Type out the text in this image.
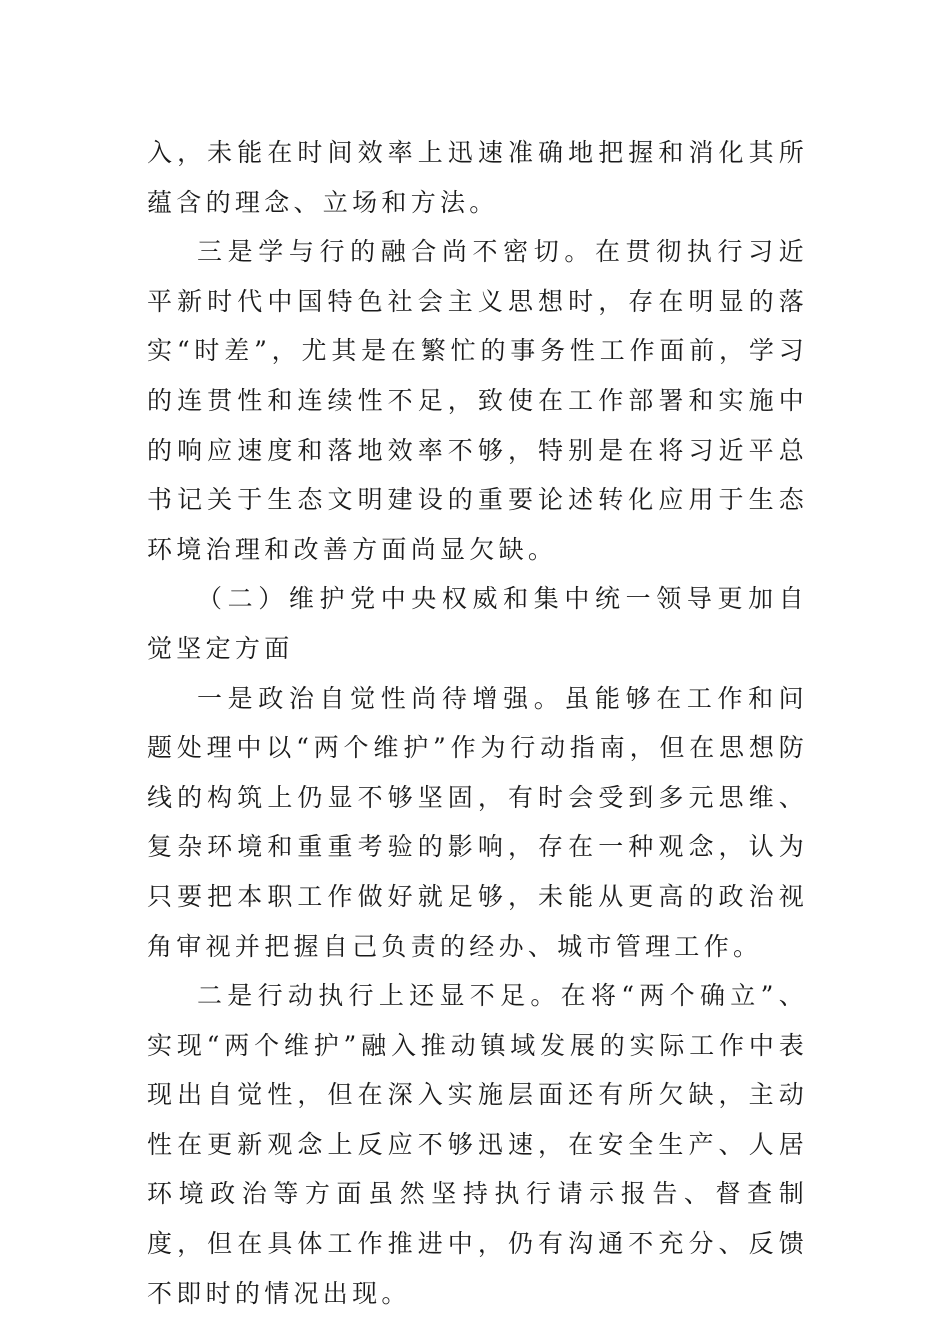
入，未能在时间效率上迅速准确地把握和消化其所蕴含的理念、立场和方法。

三是学与行的融合尚不密切。在贯彻执行习近平新时代中国特色社会主义思想时，存在明显的落实“时差”，尤其是在繁忙的事务性工作面前，学习的连贯性和连续性不足，致使在工作部署和实施中的响应速度和落地效率不够，特别是在将习近平总书记关于生态文明建设的重要论述转化应用于生态环境治理和改善方面尚显欠缺。

（二）维护党中央权威和集中统一领导更加自觉坚定方面

一是政治自觉性尚待增强。虽能够在工作和问题处理中以“两个维护”作为行动指南，但在思想防线的构筑上仍显不够坚固，有时会受到多元思维、复杂环境和重重考验的影响，存在一种观念，认为只要把本职工作做好就足够，未能从更高的政治视角审视并把握自己负责的经办、城市管理工作。

二是行动执行上还显不足。在将“两个确立”、实现“两个维护”融入推动镇域发展的实际工作中表现出自觉性，但在深入实施层面还有所欠缺，主动性在更新观念上反应不够迅速，在安全生产、人居环境政治等方面虽然坚持执行请示报告、督查制度，但在具体工作推进中，仍有沟通不充分、反馈不即时的情况出现。
